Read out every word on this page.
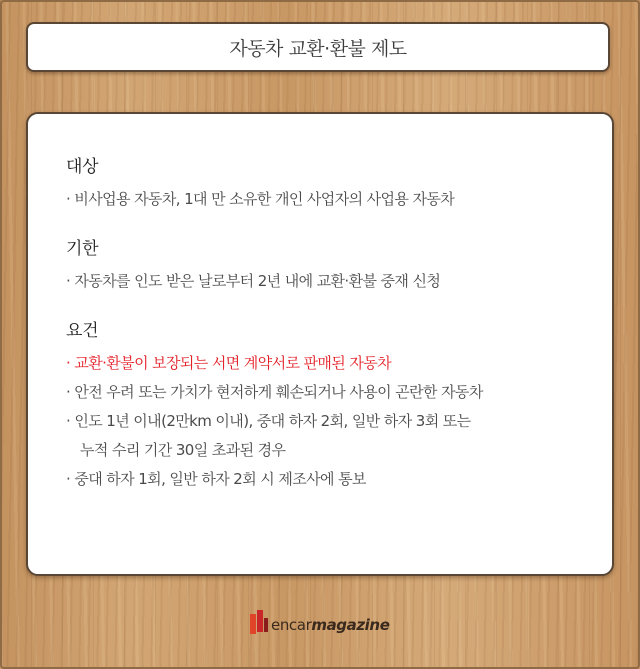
자동차 교환·환불 제도
대상
· 비사업용 자동차, 1대 만 소유한 개인 사업자의 사업용 자동차
기한
· 자동차를 인도 받은 날로부터 2년 내에 교환·환불 중재 신청
요건
· 교환·환불이 보장되는 서면 계약서로 판매된 자동차
· 안전 우려 또는 가치가 현저하게 훼손되거나 사용이 곤란한 자동차
· 인도 1년 이내(2만km 이내), 중대 하자 2회, 일반 하자 3회 또는
누적 수리 기간 30일 초과된 경우
· 중대 하자 1회, 일반 하자 2회 시 제조사에 통보
encarmagazine
